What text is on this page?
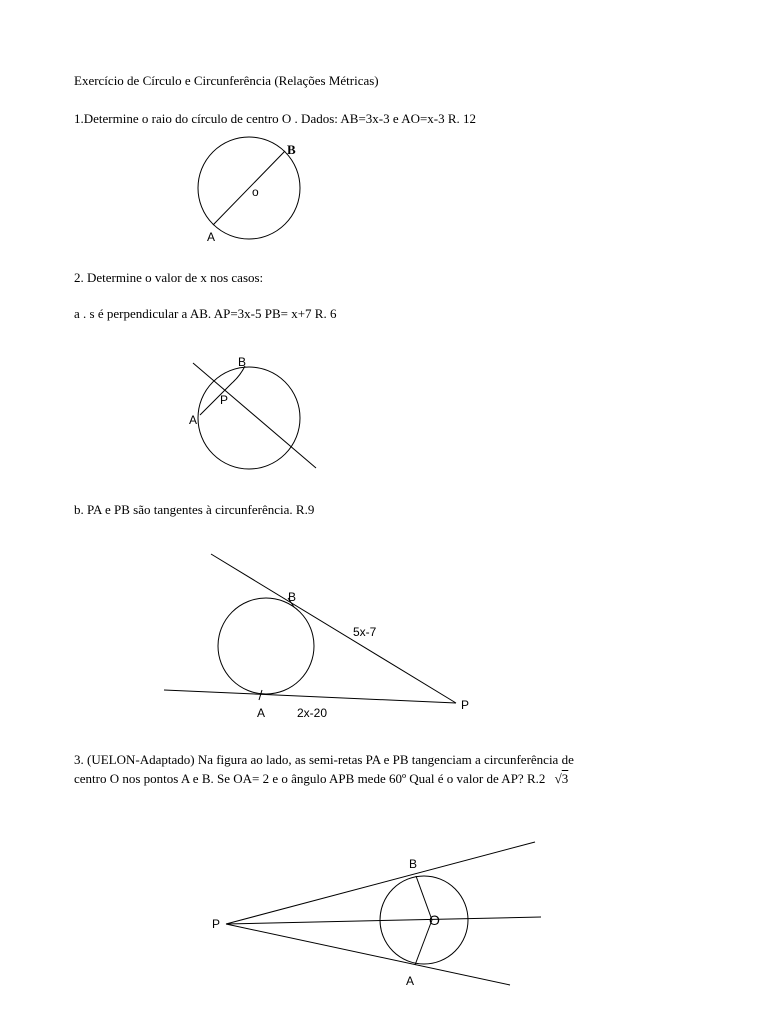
Exercício de Círculo e Circunferência (Relações Métricas)
1.Determine o raio do círculo de centro O . Dados: AB=3x-3 e AO=x-3 R. 12
2. Determine o valor de x nos casos:
a . s é perpendicular a AB. AP=3x-5 PB= x+7 R. 6
b. PA e PB são tangentes à circunferência. R.9
3. (UELON-Adaptado) Na figura ao lado, as semi-retas PA e PB tangenciam a circunferência de
centro O nos pontos A e B. Se OA= 2 e o ângulo APB mede 60º Qual é o valor de AP? R.2 √3
B
o
A
B
P
A
B
5x-7
P
A	2x-20
B
P	O
A
